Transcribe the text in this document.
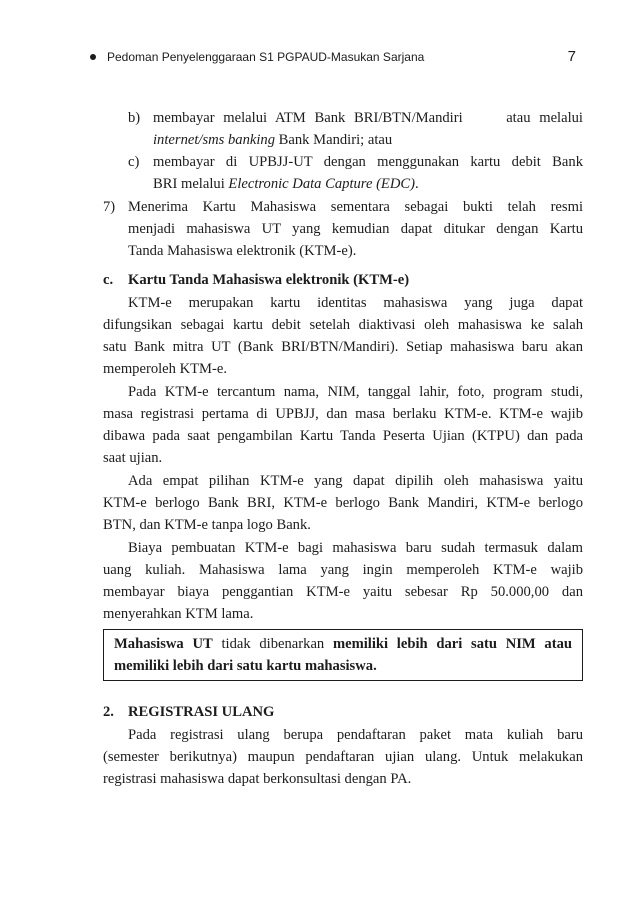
Pedoman Penyelenggaraan S1 PGPAUD-Masukan Sarjana	7
b) membayar melalui ATM Bank BRI/BTN/Mandiri     atau melalui
internet/sms banking Bank Mandiri; atau
c) membayar di UPBJJ-UT dengan menggunakan kartu debit Bank
BRI melalui Electronic Data Capture (EDC).
7) Menerima Kartu Mahasiswa sementara sebagai bukti telah resmi
menjadi mahasiswa UT yang kemudian dapat ditukar dengan Kartu
Tanda Mahasiswa elektronik (KTM-e).
c. Kartu Tanda Mahasiswa elektronik (KTM-e)
KTM-e merupakan kartu identitas mahasiswa yang juga dapat
difungsikan sebagai kartu debit setelah diaktivasi oleh mahasiswa ke salah
satu Bank mitra UT (Bank BRI/BTN/Mandiri). Setiap mahasiswa baru akan
memperoleh KTM-e.
Pada KTM-e tercantum nama, NIM, tanggal lahir, foto, program studi,
masa registrasi pertama di UPBJJ, dan masa berlaku KTM-e. KTM-e wajib
dibawa pada saat pengambilan Kartu Tanda Peserta Ujian (KTPU) dan pada
saat ujian.
Ada empat pilihan KTM-e yang dapat dipilih oleh mahasiswa yaitu
KTM-e berlogo Bank BRI, KTM-e berlogo Bank Mandiri, KTM-e berlogo
BTN, dan KTM-e tanpa logo Bank.
Biaya pembuatan KTM-e bagi mahasiswa baru sudah termasuk dalam
uang kuliah. Mahasiswa lama yang ingin memperoleh KTM-e wajib
membayar biaya penggantian KTM-e yaitu sebesar Rp 50.000,00 dan
menyerahkan KTM lama.
Mahasiswa UT tidak dibenarkan memiliki lebih dari satu NIM atau
memiliki lebih dari satu kartu mahasiswa.
2. REGISTRASI ULANG
Pada registrasi ulang berupa pendaftaran paket mata kuliah baru
(semester berikutnya) maupun pendaftaran ujian ulang. Untuk melakukan
registrasi mahasiswa dapat berkonsultasi dengan PA.
